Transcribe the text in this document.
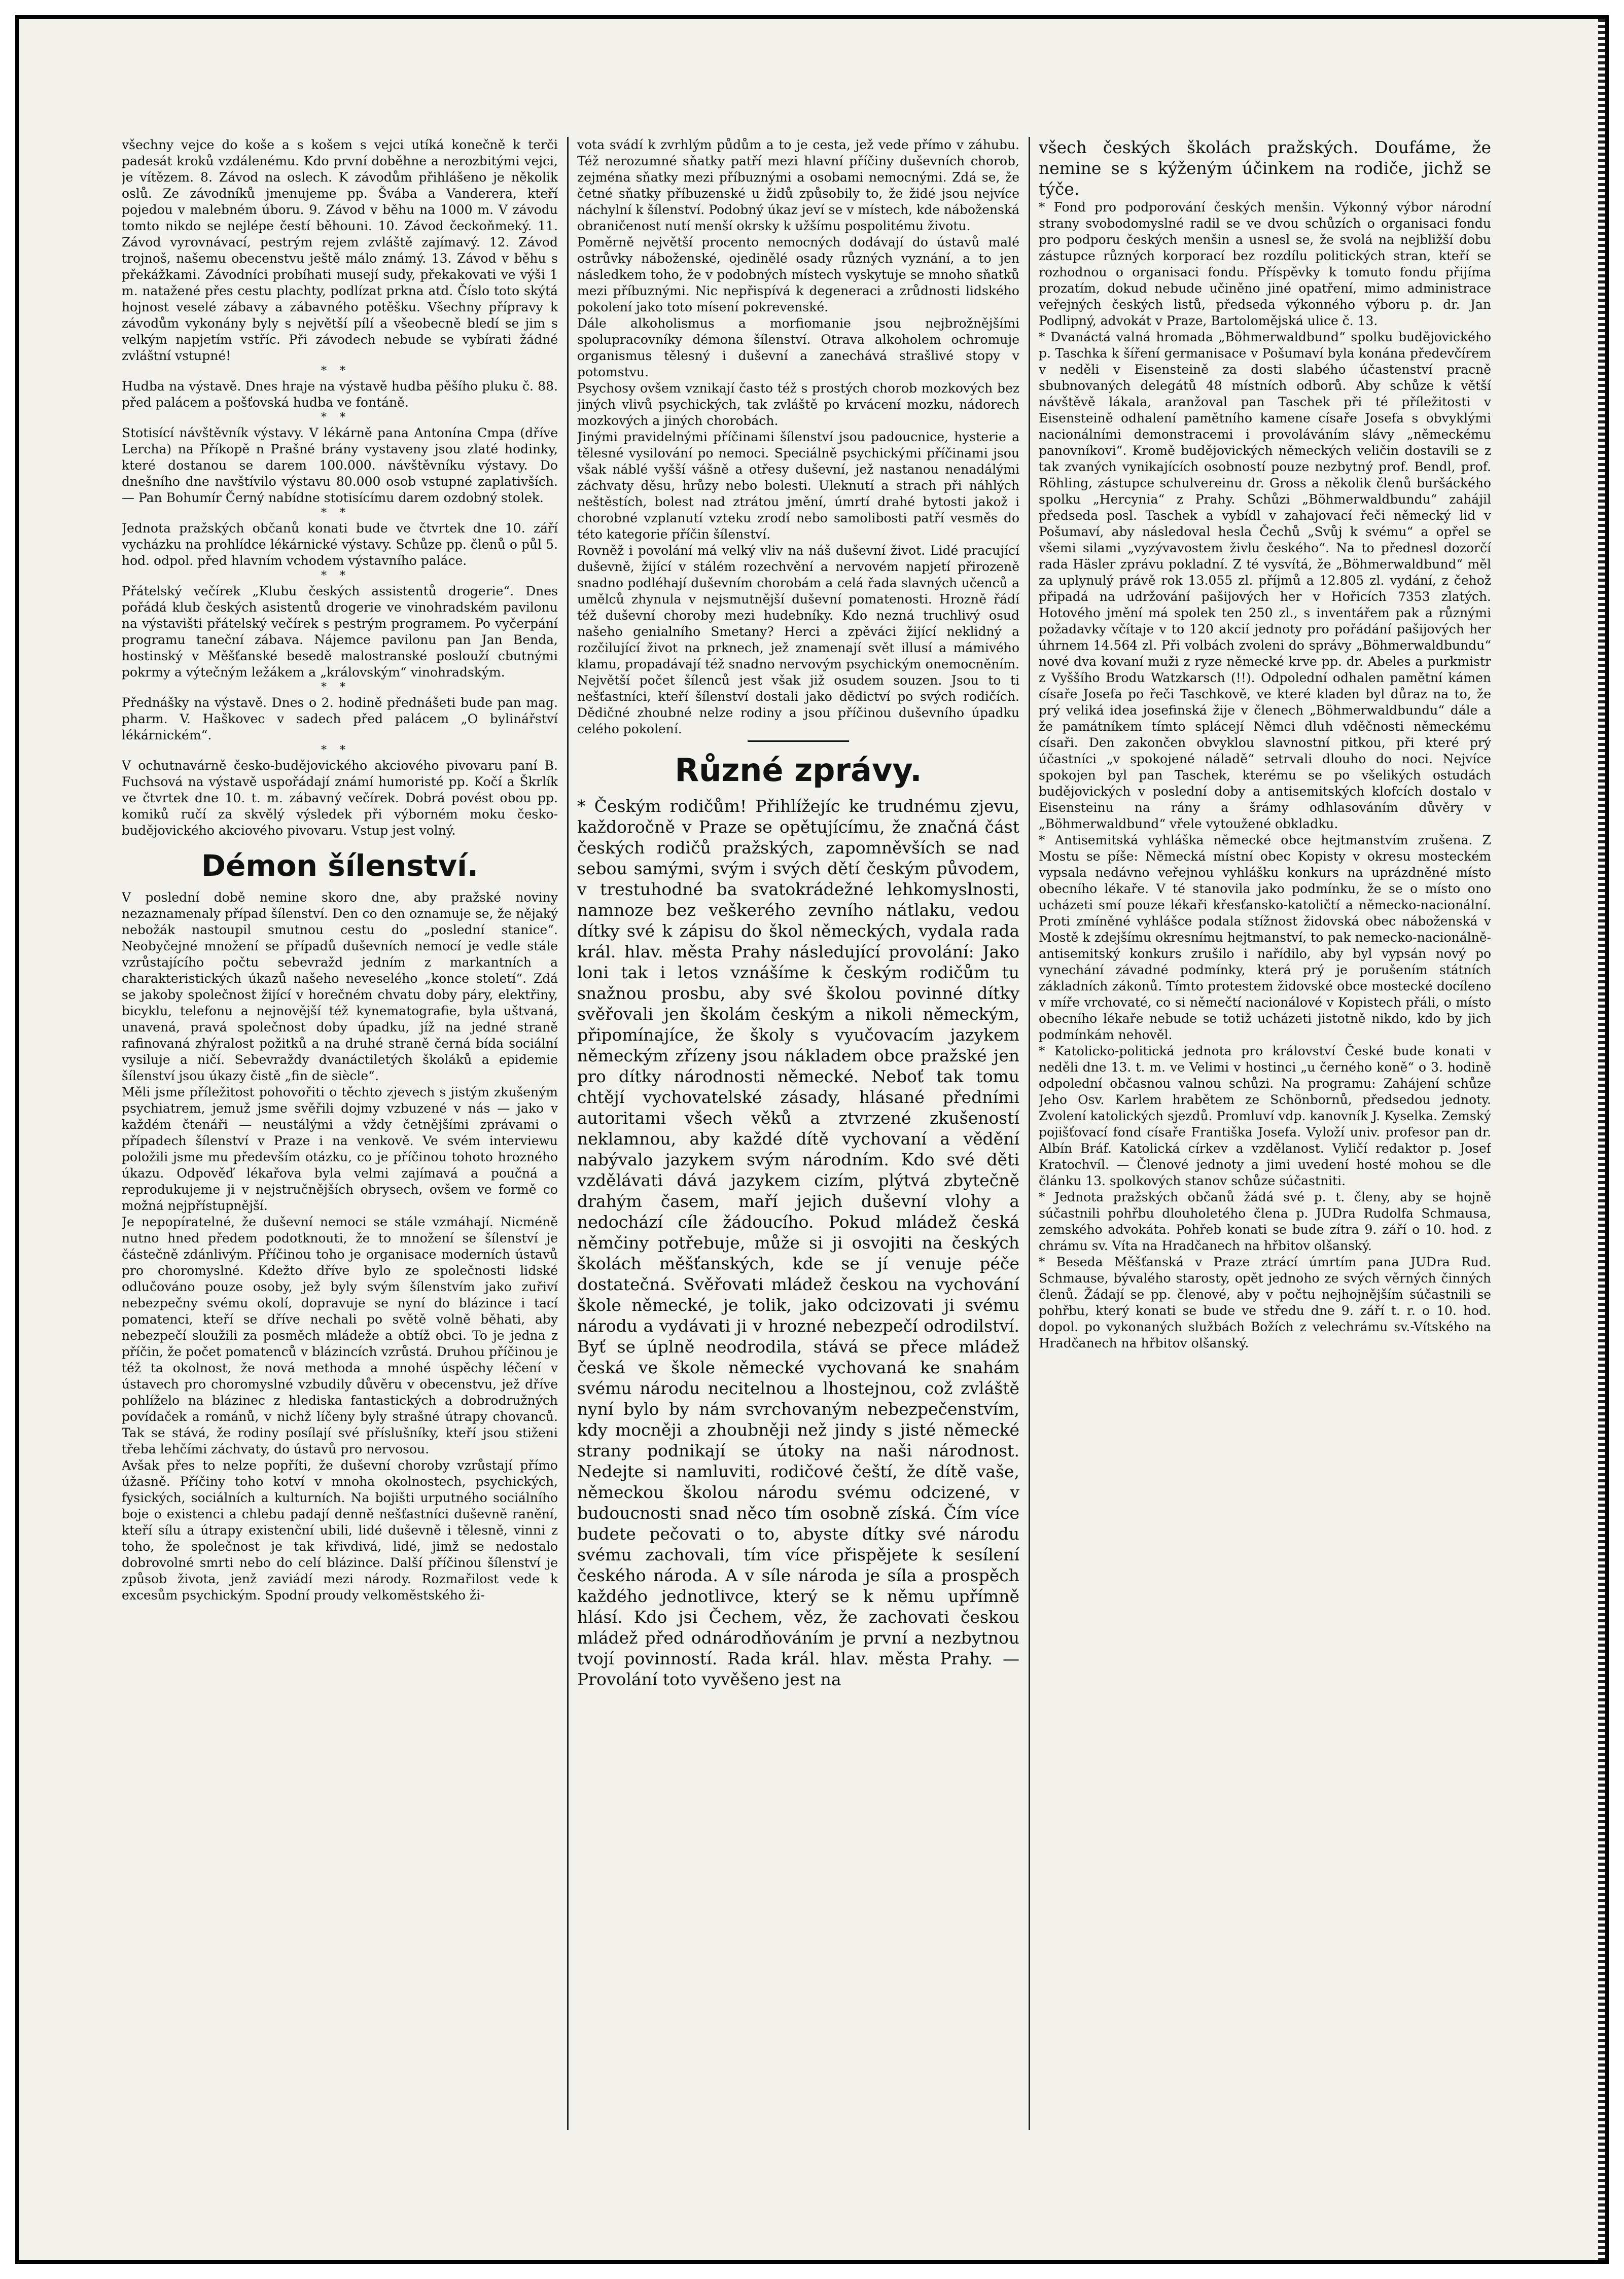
všechny vejce do koše a s košem s vejci utíká konečně k terči padesát kroků vzdálenému. Kdo první doběhne a nerozbitými vejci, je vítězem. 8. Závod na oslech. K závodům přihlášeno je několik oslů. Ze závodníků jmenujeme pp. Švába a Vanderera, kteří pojedou v malebném úboru. 9. Závod v běhu na 1000 m. V závodu tomto nikdo se nejlépe čestí běhouni. 10. Závod čeckoňmeký. 11. Závod vyrovnávací, pestrým rejem zvláště zajímavý. 12. Závod trojnoš, našemu obecenstvu ještě málo známý. 13. Závod v běhu s překážkami. Závodníci probíhati musejí sudy, překakovati ve výši 1 m. natažené přes cestu plachty, podlízat prkna atd. Číslo toto skýtá hojnost veselé zábavy a zábavného potěšku. Všechny přípravy k závodům vykonány byly s největší pílí a všeobecně bledí se jim s velkým napjetím vstříc. Při závodech nebude se vybírati žádné zvláštní vstupné!

**

Hudba na výstavě. Dnes hraje na výstavě hudba pěšího pluku č. 88. před palácem a pošťovská hudba ve fontáně.

**

Stotisící návštěvník výstavy. V lékárně pana Antonína Cmpa (dříve Lercha) na Příkopě n Prašné brány vystaveny jsou zlaté hodinky, které dostanou se darem 100.000. návštěvníku výstavy. Do dnešního dne navštívilo výstavu 80.000 osob vstupné zaplativších. — Pan Bohumír Černý nabídne stotisícímu darem ozdobný stolek.

**

Jednota pražských občanů konati bude ve čtvrtek dne 10. září vycházku na prohlídce lékárnické výstavy. Schůze pp. členů o půl 5. hod. odpol. před hlavním vchodem výstavního paláce.

**

Přátelský večírek „Klubu českých assistentů drogerie“. Dnes pořádá klub českých asistentů drogerie ve vinohradském pavilonu na výstavišti přátelský večírek s pestrým programem. Po vyčerpání programu taneční zábava. Nájemce pavilonu pan Jan Benda, hostinský v Měšťanské besedě malostranské poslouží cbutnými pokrmy a výtečným ležákem a „královským“ vinohradským.

**

Přednášky na výstavě. Dnes o 2. hodině přednášeti bude pan mag. pharm. V. Haškovec v sadech před palácem „O bylinářství lékárnickém“.

**

V ochutnavárně česko-budějovického akciového pivovaru paní B. Fuchsová na výstavě uspořádají známí humoristé pp. Kočí a Škrlík ve čtvrtek dne 10. t. m. zábavný večírek. Dobrá povést obou pp. komiků ručí za skvělý výsledek při výborném moku česko-budějovického akciového pivovaru. Vstup jest volný.

Démon šílenství.

V poslední době nemine skoro dne, aby pražské noviny nezaznamenaly případ šílenství. Den co den oznamuje se, že nějaký nebožák nastoupil smutnou cestu do „poslední stanice“. Neobyčejné množení se případů duševních nemocí je vedle stále vzrůstajícího počtu sebevražd jedním z markantních a charakteristických úkazů našeho neveselého „konce století“. Zdá se jakoby společnost žijící v horečném chvatu doby páry, elektřiny, bicyklu, telefonu a nejnovější též kynematografie, byla uštvaná, unavená, pravá společnost doby úpadku, jíž na jedné straně rafinovaná zhýralost požitků a na druhé straně černá bída sociální vysiluje a ničí. Sebevraždy dvanáctiletých školáků a epidemie šílenství jsou úkazy čistě „fin de siècle“.

Měli jsme příležitost pohovořiti o těchto zjevech s jistým zkušeným psychiatrem, jemuž jsme svěřili dojmy vzbuzené v nás — jako v každém čtenáři — neustálými a vždy četnějšími zprávami o případech šílenství v Praze i na venkově. Ve svém interviewu položili jsme mu především otázku, co je příčinou tohoto hrozného úkazu. Odpověď lékařova byla velmi zajímavá a poučná a reprodukujeme ji v nejstručnějších obrysech, ovšem ve formě co možná nejpřístupnější.

Je nepopíratelné, že duševní nemoci se stále vzmáhají. Nicméně nutno hned předem podotknouti, že to množení se šílenství je částečně zdánlivým. Příčinou toho je organisace moderních ústavů pro choromyslné. Kdežto dříve bylo ze společnosti lidské odlučováno pouze osoby, jež byly svým šílenstvím jako zuřiví nebezpečny svému okolí, dopravuje se nyní do blázince i tací pomatenci, kteří se dříve nechali po světě volně běhati, aby nebezpečí sloužili za posměch mládeže a obtíž obci. To je jedna z příčin, že počet pomatenců v blázincích vzrůstá. Druhou příčinou je též ta okolnost, že nová methoda a mnohé úspěchy léčení v ústavech pro choromyslné vzbudily důvěru v obecenstvu, jež dříve pohlíželo na blázinec z hlediska fantastických a dobrodružných povídaček a románů, v nichž líčeny byly strašné útrapy chovanců. Tak se stává, že rodiny posílají své příslušníky, kteří jsou stiženi třeba lehčími záchvaty, do ústavů pro nervosou.

Avšak přes to nelze popříti, že duševní choroby vzrůstají přímo úžasně. Příčiny toho kotví v mnoha okolnostech, psychických, fysických, sociálních a kulturních. Na bojišti urputného sociálního boje o existenci a chlebu padají denně nešťastníci duševně ranění, kteří sílu a útrapy existenční ubili, lidé duševně i tělesně, vinni z toho, že společnost je tak křivdivá, lidé, jimž se nedostalo dobrovolné smrti nebo do celí blázince. Další příčinou šílenství je způsob života, jenž zaviádí mezi národy. Rozmařilost vede k excesům psychickým. Spodní proudy velkoměstského ži-

vota svádí k zvrhlým půdům a to je cesta, jež vede přímo v záhubu. Též nerozumné sňatky patří mezi hlavní příčiny duševních chorob, zejména sňatky mezi příbuznými a osobami nemocnými. Zdá se, že četné sňatky příbuzenské u židů způsobily to, že židé jsou nejvíce náchylní k šílenství. Podobný úkaz jeví se v místech, kde náboženská obraničenost nutí menší okrsky k užšímu pospolitému životu.

Poměrně největší procento nemocných dodávají do ústavů malé ostrůvky náboženské, ojedinělé osady různých vyznání, a to jen následkem toho, že v podobných místech vyskytuje se mnoho sňatků mezi příbuznými. Nic nepřispívá k degeneraci a zrůdnosti lidského pokolení jako toto mísení pokrevenské.

Dále alkoholismus a morfiomanie jsou nejbrožnějšími spolupracovníky démona šílenství. Otrava alkoholem ochromuje organismus tělesný i duševní a zanechává strašlivé stopy v potomstvu.

Psychosy ovšem vznikají často též s prostých chorob mozkových bez jiných vlivů psychických, tak zvláště po krvácení mozku, nádorech mozkových a jiných chorobách.

Jinými pravidelnými příčinami šílenství jsou padoucnice, hysterie a tělesné vysilování po nemoci. Speciálně psychickými příčinami jsou však náblé vyšší vášně a otřesy duševní, jež nastanou nenadálými záchvaty děsu, hrůzy nebo bolesti. Uleknutí a strach při náhlých neštěstích, bolest nad ztrátou jmění, úmrtí drahé bytosti jakož i chorobné vzplanutí vzteku zrodí nebo samolibosti patří vesměs do této kategorie příčin šílenství.

Rovněž i povolání má velký vliv na náš duševní život. Lidé pracující duševně, žijící v stálém rozechvění a nervovém napjetí přirozeně snadno podléhají duševním chorobám a celá řada slavných učenců a umělců zhynula v nejsmutnější duševní pomatenosti. Hrozně řádí též duševní choroby mezi hudebníky. Kdo nezná truchlivý osud našeho genialního Smetany? Herci a zpěváci žijící neklidný a rozčilující život na prknech, jež znamenají svět illusí a mámivého klamu, propadávají též snadno nervovým psychickým onemocněním. Největší počet šílenců jest však již osudem souzen. Jsou to ti nešťastníci, kteří šílenství dostali jako dědictví po svých rodičích. Dědičné zhoubné nelze rodiny a jsou příčinou duševního úpadku celého pokolení.

Různé zprávy.

* Českým rodičům! Přihlížejíc ke trudnému zjevu, každoročně v Praze se opětujícímu, že značná část českých rodičů pražských, zapomněvších se nad sebou samými, svým i svých dětí českým původem, v trestuhodné ba svatokrádežné lehkomyslnosti, namnoze bez veškerého zevního nátlaku, vedou dítky své k zápisu do škol německých, vydala rada král. hlav. města Prahy následující provolání: Jako loni tak i letos vznášíme k českým rodičům tu snažnou prosbu, aby své školou povinné dítky svěřovali jen školám českým a nikoli německým, připomínajíce, že školy s vyučovacím jazykem německým zřízeny jsou nákladem obce pražské jen pro dítky národnosti německé. Neboť tak tomu chtějí vychovatelské zásady, hlásané předními autoritami všech věků a ztvrzené zkušeností neklamnou, aby každé dítě vychovaní a vědění nabývalo jazykem svým národním. Kdo své děti vzdělávati dává jazykem cizím, plýtvá zbytečně drahým časem, maří jejich duševní vlohy a nedochází cíle žádoucího. Pokud mládež česká němčiny potřebuje, může si ji osvojiti na českých školách měšťanských, kde se jí venuje péče dostatečná. Svěřovati mládež českou na vychování škole německé, je tolik, jako odcizovati ji svému národu a vydávati ji v hrozné nebezpečí odrodilství. Byť se úplně neodrodila, stává se přece mládež česká ve škole německé vychovaná ke snahám svému národu necitelnou a lhostejnou, což zvláště nyní bylo by nám svrchovaným nebezpečenstvím, kdy mocněji a zhoubněji než jindy s jisté německé strany podnikají se útoky na naši národnost. Nedejte si namluviti, rodičové čeští, že dítě vaše, německou školou národu svému odcizené, v budoucnosti snad něco tím osobně získá. Čím více budete pečovati o to, abyste dítky své národu svému zachovali, tím více přispějete k sesílení českého národa. A v síle národa je síla a prospěch každého jednotlivce, který se k němu upřímně hlásí. Kdo jsi Čechem, věz, že zachovati českou mládež před odnárodňováním je první a nezbytnou tvojí povinností. Rada král. hlav. města Prahy. — Provolání toto vyvěšeno jest na

všech českých školách pražských. Doufáme, že nemine se s kýženým účinkem na rodiče, jichž se týče.

* Fond pro podporování českých menšin. Výkonný výbor národní strany svobodomyslné radil se ve dvou schůzích o organisaci fondu pro podporu českých menšin a usnesl se, že svolá na nejbližší dobu zástupce různých korporací bez rozdílu politických stran, kteří se rozhodnou o organisaci fondu. Příspěvky k tomuto fondu přijíma prozatím, dokud nebude učiněno jiné opatření, mimo administrace veřejných českých listů, předseda výkonného výboru p. dr. Jan Podlipný, advokát v Praze, Bartolomějská ulice č. 13.

* Dvanáctá valná hromada „Böhmerwaldbund“ spolku budějovického p. Taschka k šíření germanisace v Pošumaví byla konána předevčírem v neděli v Eisensteině za dosti slabého účastenství pracně sbubnovaných delegátů 48 místních odborů. Aby schůze k větší návštěvě lákala, aranžoval pan Taschek při té příležitosti v Eisensteině odhalení pamětního kamene císaře Josefa s obvyklými nacionálními demonstracemi i provoláváním slávy „německému panovníkovi“. Kromě budějovických německých veličin dostavili se z tak zvaných vynikajících osobností pouze nezbytný prof. Bendl, prof. Röhling, zástupce schulvereinu dr. Gross a několik členů buršáckého spolku „Hercynia“ z Prahy. Schůzi „Böhmerwaldbundu“ zahájil předseda posl. Taschek a vybídl v zahajovací řeči německý lid v Pošumaví, aby následoval hesla Čechů „Svůj k svému“ a opřel se všemi silami „vyzývavostem živlu českého“. Na to přednesl dozorčí rada Häsler zprávu pokladní. Z té vysvítá, že „Böhmerwaldbund“ měl za uplynulý právě rok 13.055 zl. příjmů a 12.805 zl. vydání, z čehož připadá na udržování pašijových her v Hořicích 7353 zlatých. Hotového jmění má spolek ten 250 zl., s inventářem pak a různými požadavky včítaje v to 120 akcií jednoty pro pořádání pašijových her úhrnem 14.564 zl. Při volbách zvoleni do správy „Böhmerwaldbundu“ nové dva kovaní muži z ryze německé krve pp. dr. Abeles a purkmistr z Vyššího Brodu Watzkarsch (!!). Odpolední odhalen pamětní kámen císaře Josefa po řeči Taschkově, ve které kladen byl důraz na to, že prý veliká idea josefinská žije v členech „Böhmerwaldbundu“ dále a že památníkem tímto splácejí Němci dluh vděčnosti německému císaři. Den zakončen obvyklou slavnostní pitkou, při které prý účastníci „v spokojené náladě“ setrvali dlouho do noci. Nejvíce spokojen byl pan Taschek, kterému se po všelikých ostudách budějovických v poslední doby a antisemitských klofcích dostalo v Eisensteinu na rány a šrámy odhlasováním důvěry v „Böhmerwaldbund“ vřele vytoužené obkladku.

* Antisemitská vyhláška německé obce hejtmanstvím zrušena. Z Mostu se píše: Německá místní obec Kopisty v okresu mosteckém vypsala nedávno veřejnou vyhlášku konkurs na uprázdněné místo obecního lékaře. V té stanovila jako podmínku, že se o místo ono ucházeti smí pouze lékaři křesťansko-katoličtí a německo-nacionální. Proti zmíněné vyhlášce podala stížnost židovská obec náboženská v Mostě k zdejšímu okresnímu hejtmanství, to pak nemecko-nacionálně-antisemitský konkurs zrušilo i nařídilo, aby byl vypsán nový po vynechání závadné podmínky, která prý je porušením státních základních zákonů. Tímto protestem židovské obce mostecké docíleno v míře vrchovaté, co si němečtí nacionálové v Kopistech přáli, o místo obecního lékaře nebude se totiž ucházeti jistotně nikdo, kdo by jich podmínkám nehověl.

* Katolicko-politická jednota pro království České bude konati v neděli dne 13. t. m. ve Velimi v hostinci „u černého koně“ o 3. hodině odpolední občasnou valnou schůzi. Na programu: Zahájení schůze Jeho Osv. Karlem hrabětem ze Schönbornů, předsedou jednoty. Zvolení katolických sjezdů. Promluví vdp. kanovník J. Kyselka. Zemský pojišťovací fond císaře Františka Josefa. Vyloží univ. profesor pan dr. Albín Bráf. Katolická církev a vzdělanost. Vyličí redaktor p. Josef Kratochvíl. — Členové jednoty a jimi uvedení hosté mohou se dle článku 13. spolkových stanov schůze súčastniti.

* Jednota pražských občanů žádá své p. t. členy, aby se hojně súčastnili pohřbu dlouholetého člena p. JUDra Rudolfa Schmausa, zemského advokáta. Pohřeb konati se bude zítra 9. září o 10. hod. z chrámu sv. Víta na Hradčanech na hřbitov olšanský.

* Beseda Měšťanská v Praze ztrácí úmrtím pana JUDra Rud. Schmause, bývalého starosty, opět jednoho ze svých věrných činných členů. Žádají se pp. členové, aby v počtu nejhojnějším súčastnili se pohřbu, který konati se bude ve středu dne 9. září t. r. o 10. hod. dopol. po vykonaných službách Božích z velechrámu sv.-Vítského na Hradčanech na hřbitov olšanský.
